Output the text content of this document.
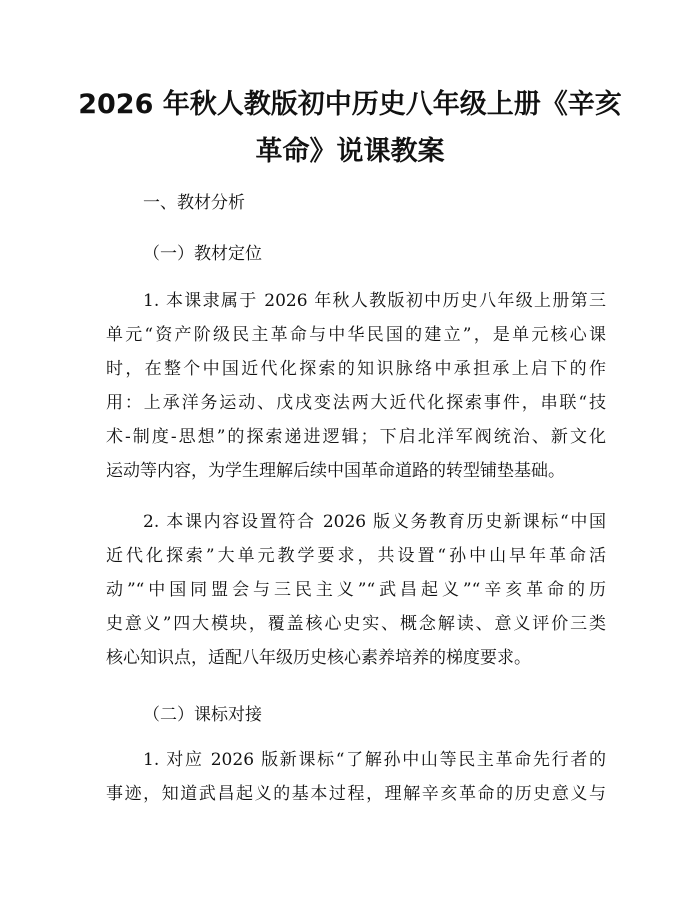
2026 年秋人教版初中历史八年级上册《辛亥
革命》说课教案
一、教材分析
（一）教材定位
1. 本课隶属于 2026 年秋人教版初中历史八年级上册第三
单元“资产阶级民主革命与中华民国的建立”，是单元核心课
时，在整个中国近代化探索的知识脉络中承担承上启下的作
用：上承洋务运动、戊戌变法两大近代化探索事件，串联“技
术-制度-思想”的探索递进逻辑；下启北洋军阀统治、新文化
运动等内容，为学生理解后续中国革命道路的转型铺垫基础。
2. 本课内容设置符合 2026 版义务教育历史新课标“中国
近代化探索”大单元教学要求，共设置“孙中山早年革命活
动”“中国同盟会与三民主义”“武昌起义”“辛亥革命的历
史意义”四大模块，覆盖核心史实、概念解读、意义评价三类
核心知识点，适配八年级历史核心素养培养的梯度要求。
（二）课标对接
1. 对应 2026 版新课标“了解孙中山等民主革命先行者的
事迹，知道武昌起义的基本过程，理解辛亥革命的历史意义与
